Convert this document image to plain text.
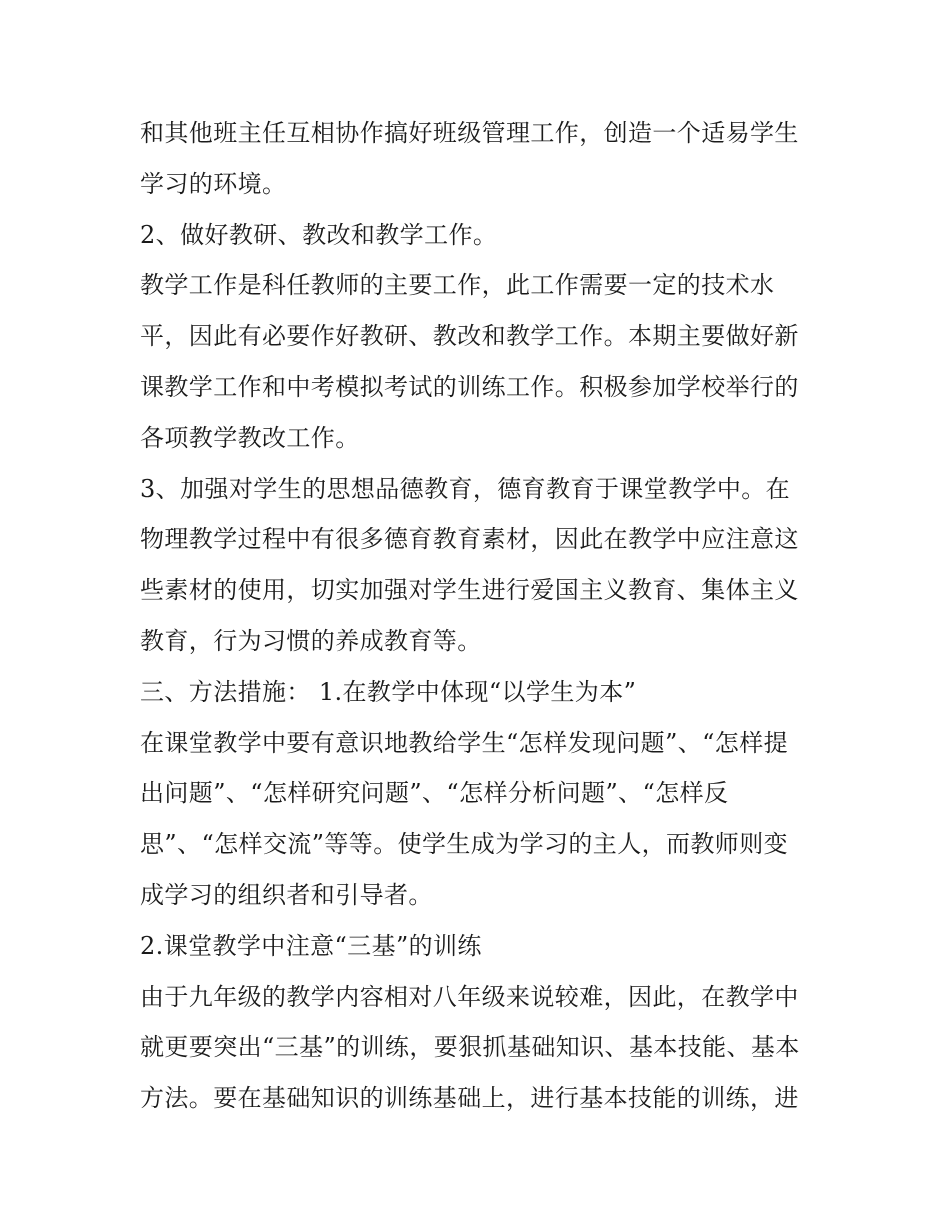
和其他班主任互相协作搞好班级管理工作，创造一个适易学生
学习的环境。
2、做好教研、教改和教学工作。
教学工作是科任教师的主要工作，此工作需要一定的技术水
平，因此有必要作好教研、教改和教学工作。本期主要做好新
课教学工作和中考模拟考试的训练工作。积极参加学校举行的
各项教学教改工作。
3、加强对学生的思想品德教育，德育教育于课堂教学中。在
物理教学过程中有很多德育教育素材，因此在教学中应注意这
些素材的使用，切实加强对学生进行爱国主义教育、集体主义
教育，行为习惯的养成教育等。
三、方法措施： 1.在教学中体现“以学生为本”
在课堂教学中要有意识地教给学生“怎样发现问题”、“怎样提
出问题”、“怎样研究问题”、“怎样分析问题”、“怎样反
思”、“怎样交流”等等。使学生成为学习的主人，而教师则变
成学习的组织者和引导者。
2.课堂教学中注意“三基”的训练
由于九年级的教学内容相对八年级来说较难，因此，在教学中
就更要突出“三基”的训练，要狠抓基础知识、基本技能、基本
方法。要在基础知识的训练基础上，进行基本技能的训练，进
